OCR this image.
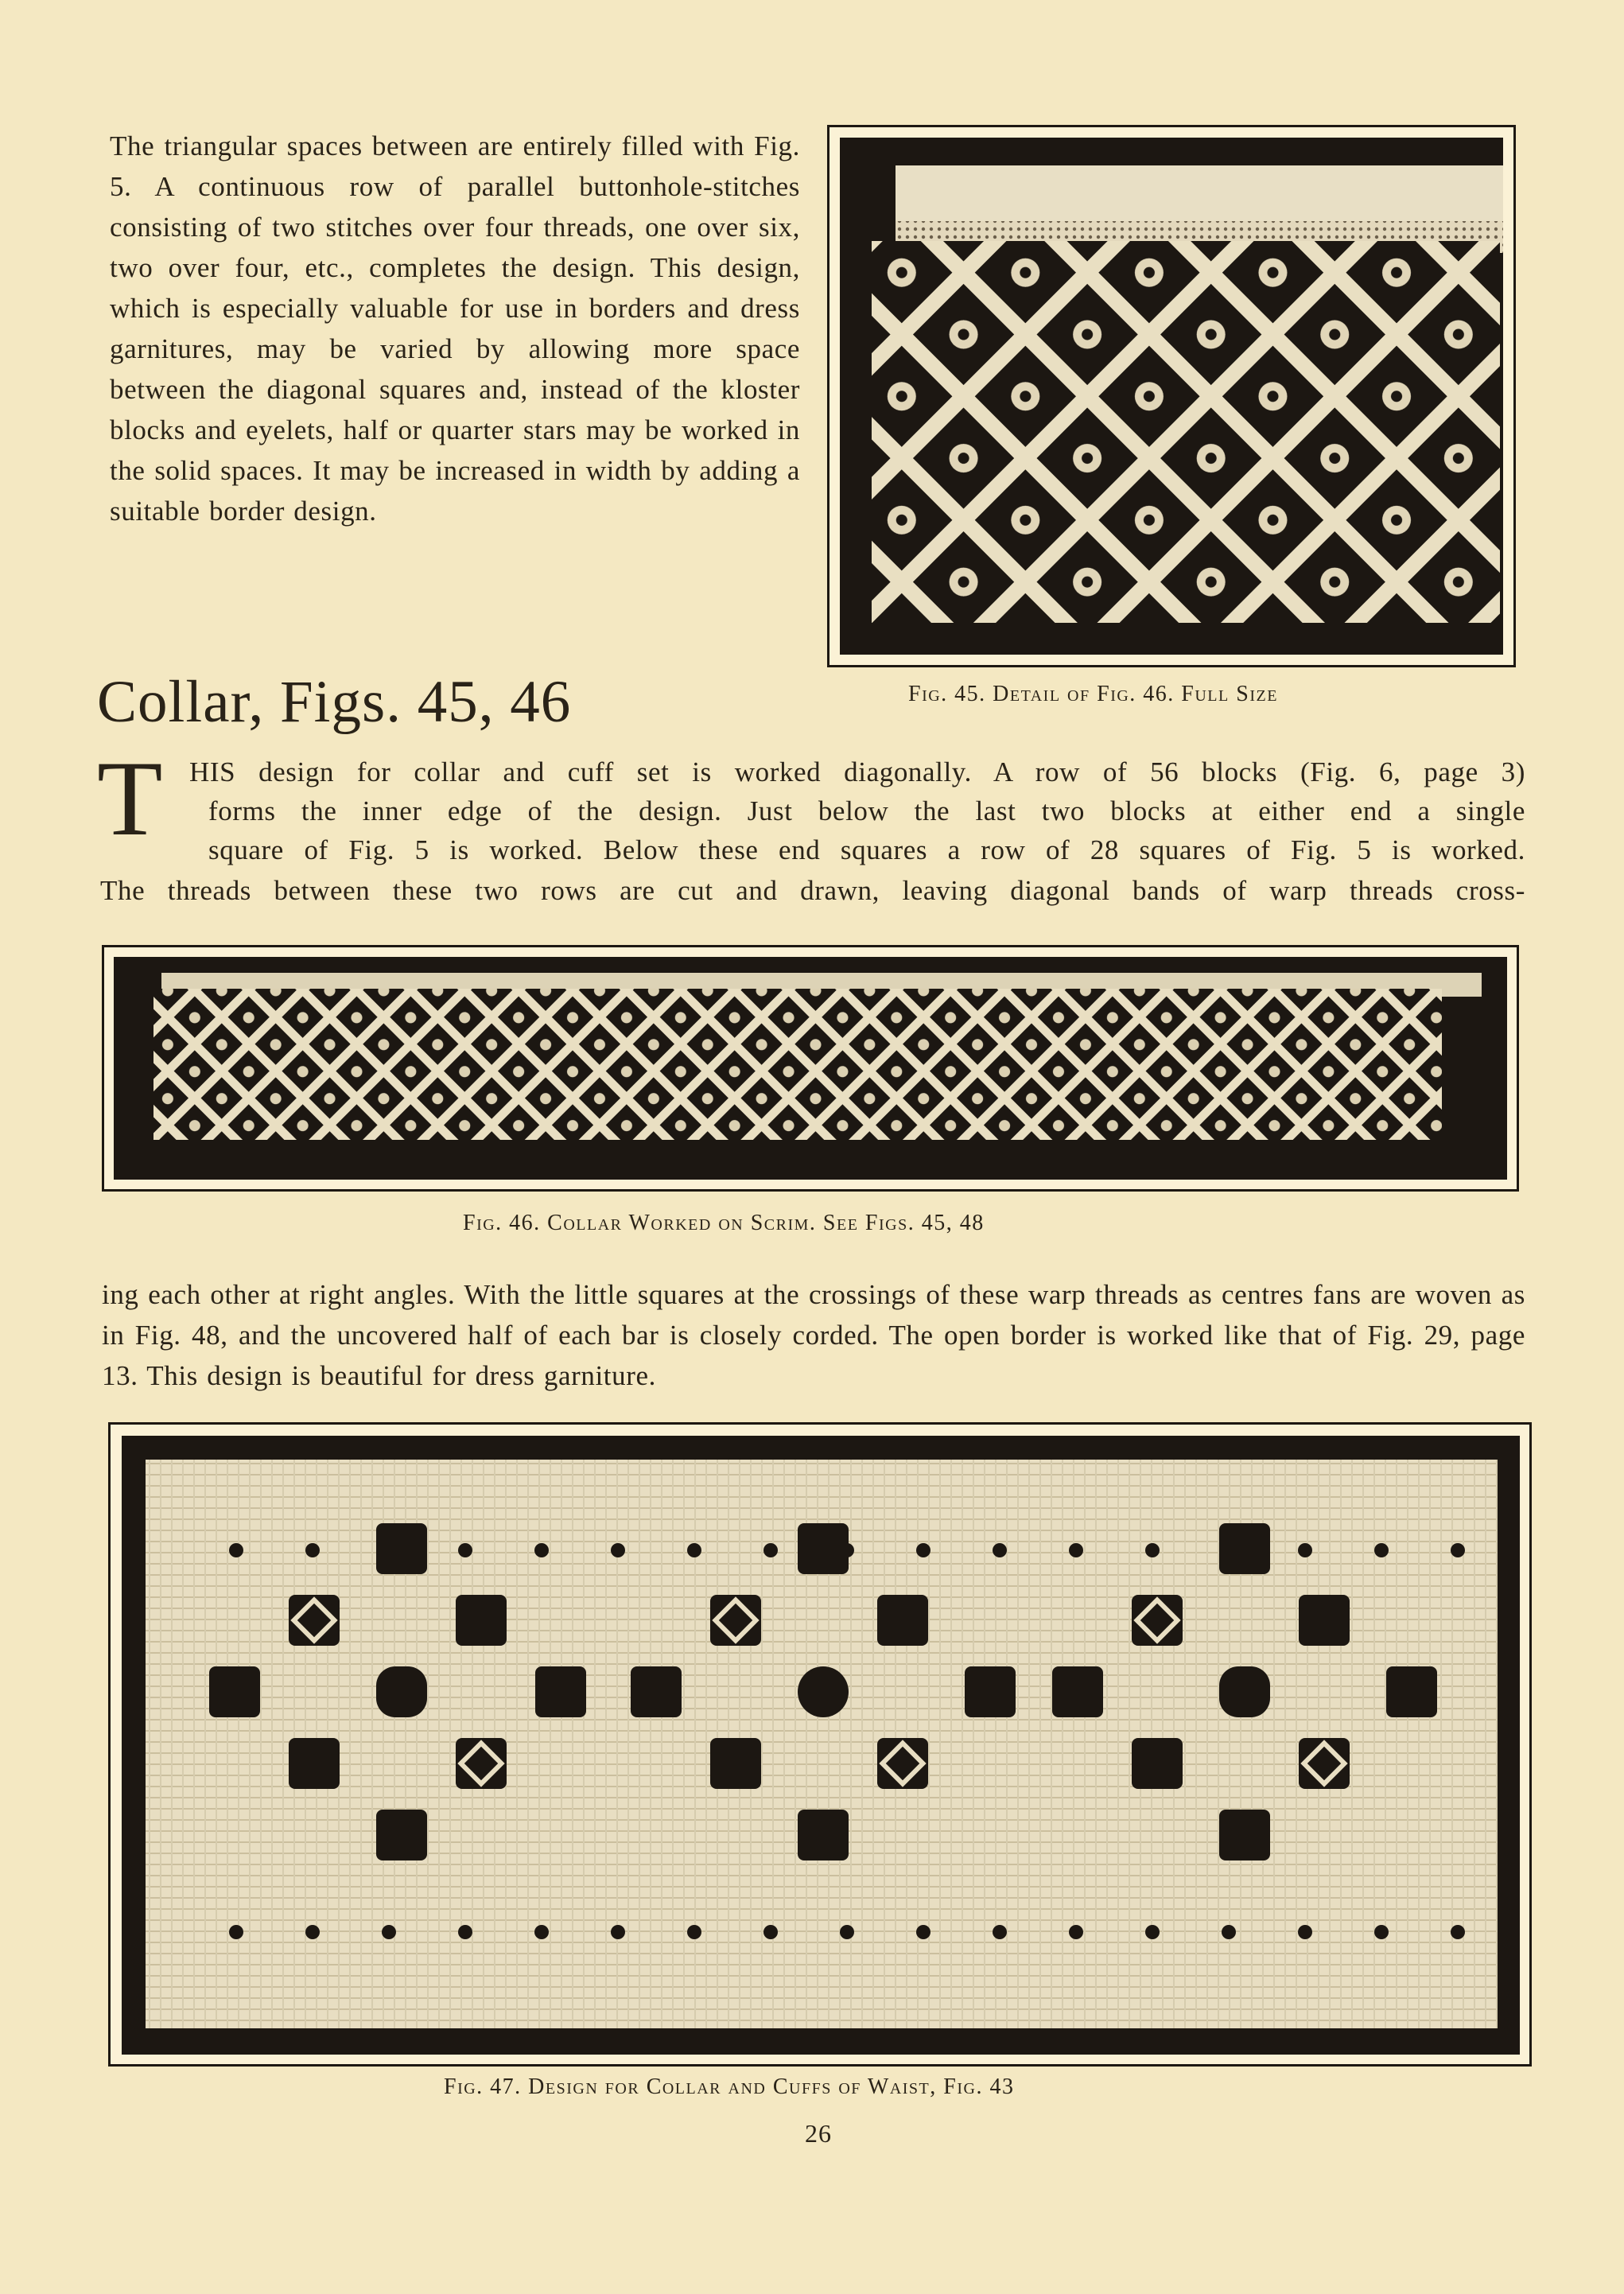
The triangular spaces between are entirely filled with Fig. 5. A continuous row of parallel buttonhole-stitches consisting of two stitches over four threads, one over six, two over four, etc., completes the design. This design, which is especially valuable for use in borders and dress garnitures, may be varied by allowing more space between the diagonal squares and, instead of the kloster blocks and eyelets, half or quarter stars may be worked in the solid spaces. It may be increased in width by adding a suitable border design.
Fig. 45. Detail of Fig. 46. Full Size
Collar, Figs. 45, 46
T HIS design for collar and cuff set is worked diagonally. A row of 56 blocks (Fig. 6, page 3)
forms the inner edge of the design. Just below the last two blocks at either end a single
square of Fig. 5 is worked. Below these end squares a row of 28 squares of Fig. 5 is worked.
The threads between these two rows are cut and drawn, leaving diagonal bands of warp threads cross-
Fig. 46. Collar Worked on Scrim. See Figs. 45, 48
ing each other at right angles. With the little squares at the crossings of these warp threads as centres fans are woven as in Fig. 48, and the uncovered half of each bar is closely corded. The open border is worked like that of Fig. 29, page 13. This design is beautiful for dress garniture.
Fig. 47. Design for Collar and Cuffs of Waist, Fig. 43
26
